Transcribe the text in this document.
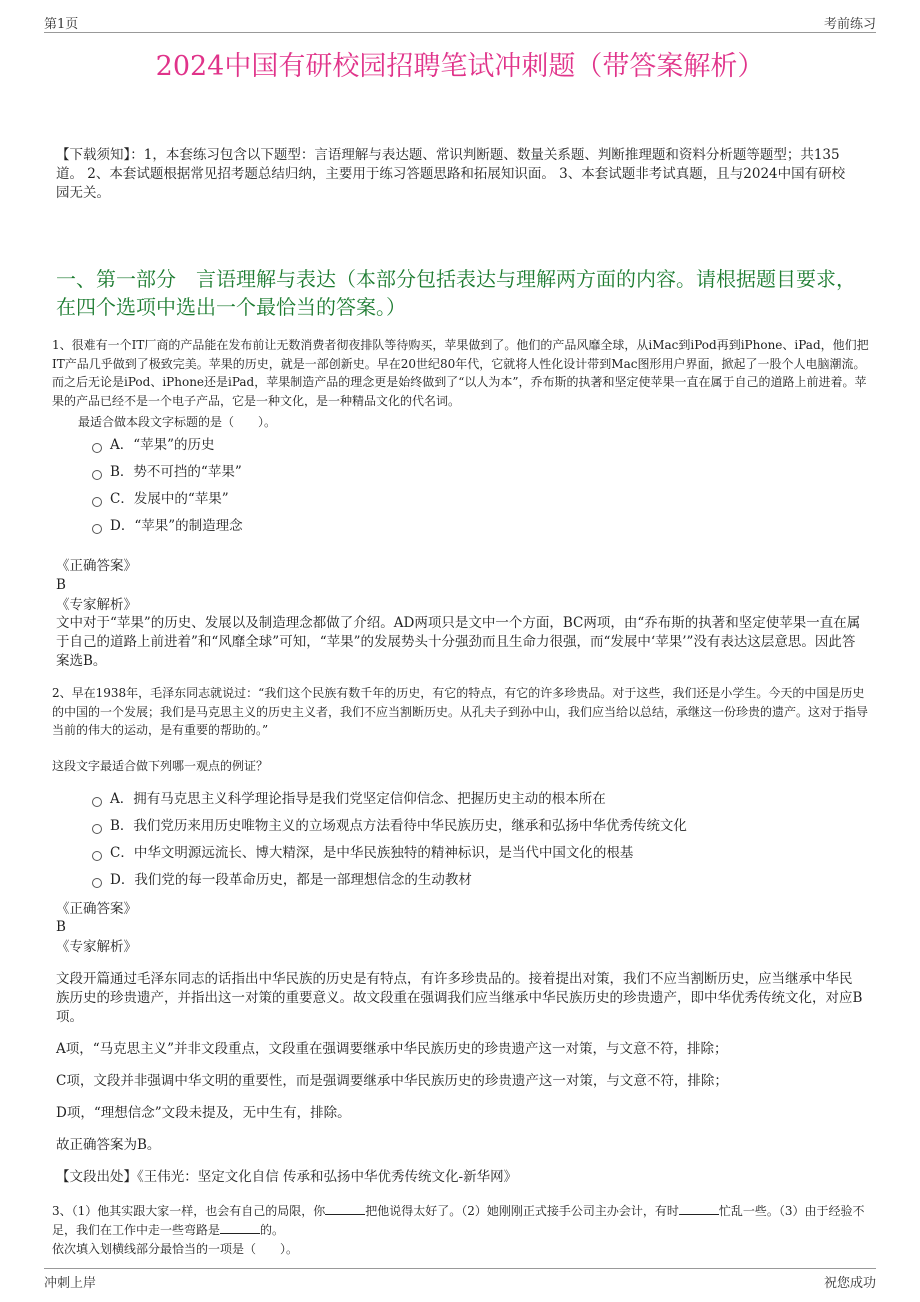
第1页	考前练习
2024中国有研校园招聘笔试冲刺题（带答案解析）
【下载须知】：1，本套练习包含以下题型：言语理解与表达题、常识判断题、数量关系题、判断推理题和资料分析题等题型；共135道。 2、本套试题根据常见招考题总结归纳，主要用于练习答题思路和拓展知识面。 3、本套试题非考试真题，且与2024中国有研校园无关。
一、第一部分　言语理解与表达（本部分包括表达与理解两方面的内容。请根据题目要求，在四个选项中选出一个最恰当的答案。）
1、很难有一个IT厂商的产品能在发布前让无数消费者彻夜排队等待购买，苹果做到了。他们的产品风靡全球，从iMac到iPod再到iPhone、iPad，他们把IT产品几乎做到了极致完美。苹果的历史，就是一部创新史。早在20世纪80年代，它就将人性化设计带到Mac图形用户界面，掀起了一股个人电脑潮流。而之后无论是iPod、iPhone还是iPad，苹果制造产品的理念更是始终做到了“以人为本”，乔布斯的执著和坚定使苹果一直在属于自己的道路上前进着。苹果的产品已经不是一个电子产品，它是一种文化，是一种精品文化的代名词。
最适合做本段文字标题的是（　　）。
A．“苹果”的历史
B．势不可挡的“苹果”
C．发展中的“苹果”
D．“苹果”的制造理念
《正确答案》
B
《专家解析》
文中对于“苹果”的历史、发展以及制造理念都做了介绍。AD两项只是文中一个方面，BC两项，由“乔布斯的执著和坚定使苹果一直在属于自己的道路上前进着”和“风靡全球”可知，“苹果”的发展势头十分强劲而且生命力很强，而“发展中‘苹果’”没有表达这层意思。因此答案选B。
2、早在1938年，毛泽东同志就说过：“我们这个民族有数千年的历史，有它的特点，有它的许多珍贵品。对于这些，我们还是小学生。今天的中国是历史的中国的一个发展；我们是马克思主义的历史主义者，我们不应当割断历史。从孔夫子到孙中山，我们应当给以总结，承继这一份珍贵的遗产。这对于指导当前的伟大的运动，是有重要的帮助的。”
这段文字最适合做下列哪一观点的例证？
A．拥有马克思主义科学理论指导是我们党坚定信仰信念、把握历史主动的根本所在
B．我们党历来用历史唯物主义的立场观点方法看待中华民族历史，继承和弘扬中华优秀传统文化
C．中华文明源远流长、博大精深，是中华民族独特的精神标识，是当代中国文化的根基
D．我们党的每一段革命历史，都是一部理想信念的生动教材
《正确答案》
B
《专家解析》
文段开篇通过毛泽东同志的话指出中华民族的历史是有特点，有许多珍贵品的。接着提出对策，我们不应当割断历史，应当继承中华民族历史的珍贵遗产，并指出这一对策的重要意义。故文段重在强调我们应当继承中华民族历史的珍贵遗产，即中华优秀传统文化，对应B项。
A项，“马克思主义”并非文段重点，文段重在强调要继承中华民族历史的珍贵遗产这一对策，与文意不符，排除；
C项，文段并非强调中华文明的重要性，而是强调要继承中华民族历史的珍贵遗产这一对策，与文意不符，排除；
D项，“理想信念”文段未提及，无中生有，排除。
故正确答案为B。
【文段出处】《王伟光：坚定文化自信 传承和弘扬中华优秀传统文化-新华网》
3、（1）他其实跟大家一样，也会有自己的局限，你	把他说得太好了。（2）她刚刚正式接手公司主办会计，有时	忙乱一些。（3）由于经验不足，我们在工作中走一些弯路是	的。
依次填入划横线部分最恰当的一项是（　　）。
冲刺上岸	祝您成功
